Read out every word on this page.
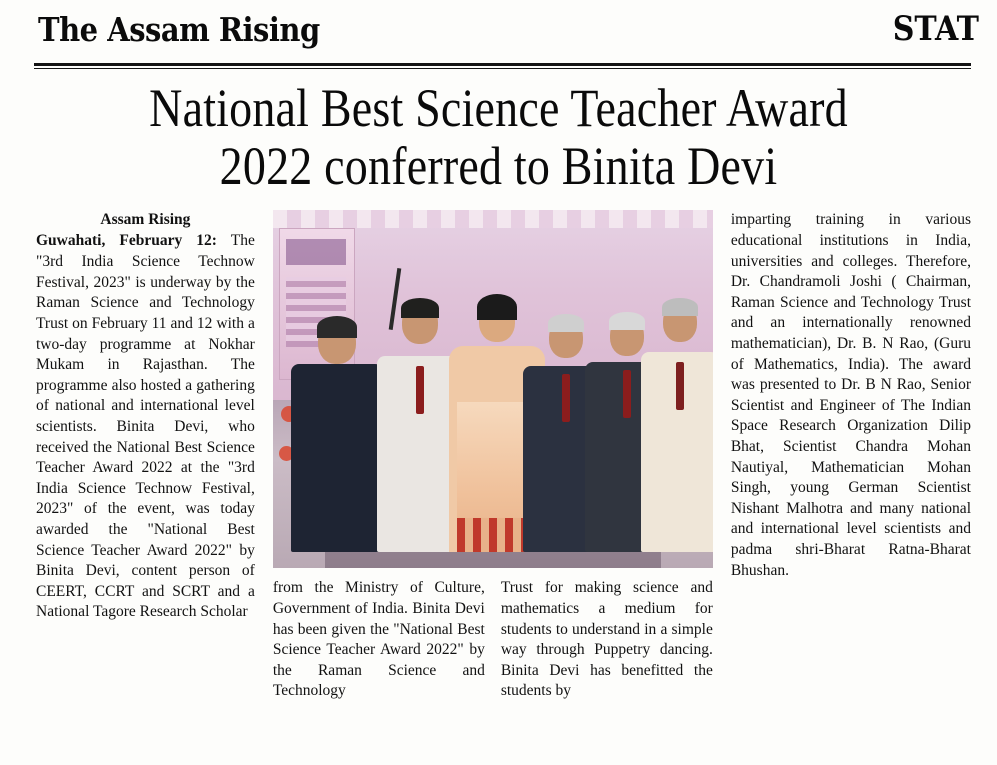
The Assam Rising	STAT
National Best Science Teacher Award
2022 conferred to Binita Devi
Assam Rising

Guwahati, February 12: The "3rd India Science Technow Festival, 2023" is underway by the Raman Science and Technology Trust on February 11 and 12 with a two-day programme at Nokhar Mukam in Rajasthan. The programme also hosted a gathering of national and international level scientists. Binita Devi, who received the National Best Science Teacher Award 2022 at the "3rd India Science Technow Festival, 2023" of the event, was today awarded the "National Best Science Teacher Award 2022" by Binita Devi, content person of CEERT, CCRT and SCRT and a National Tagore Research Scholar

from the Ministry of Culture, Government of India. Binita Devi has been given the "National Best Science Teacher Award 2022" by the Raman Science and Technology

Trust for making science and mathematics a medium for students to understand in a simple way through Puppetry dancing. Binita Devi has benefitted the students by

imparting training in various educational institutions in India, universities and colleges. Therefore, Dr. Chandramoli Joshi ( Chairman, Raman Science and Technology Trust and an internationally renowned mathematician), Dr. B. N Rao, (Guru of Mathematics, India). The award was presented to Dr. B N Rao, Senior Scientist and Engineer of The Indian Space Research Organization Dilip Bhat, Scientist Chandra Mohan Nautiyal, Mathematician Mohan Singh, young German Scientist Nishant Malhotra and many national and international level scientists and padma shri-Bharat Ratna-Bharat Bhushan.
